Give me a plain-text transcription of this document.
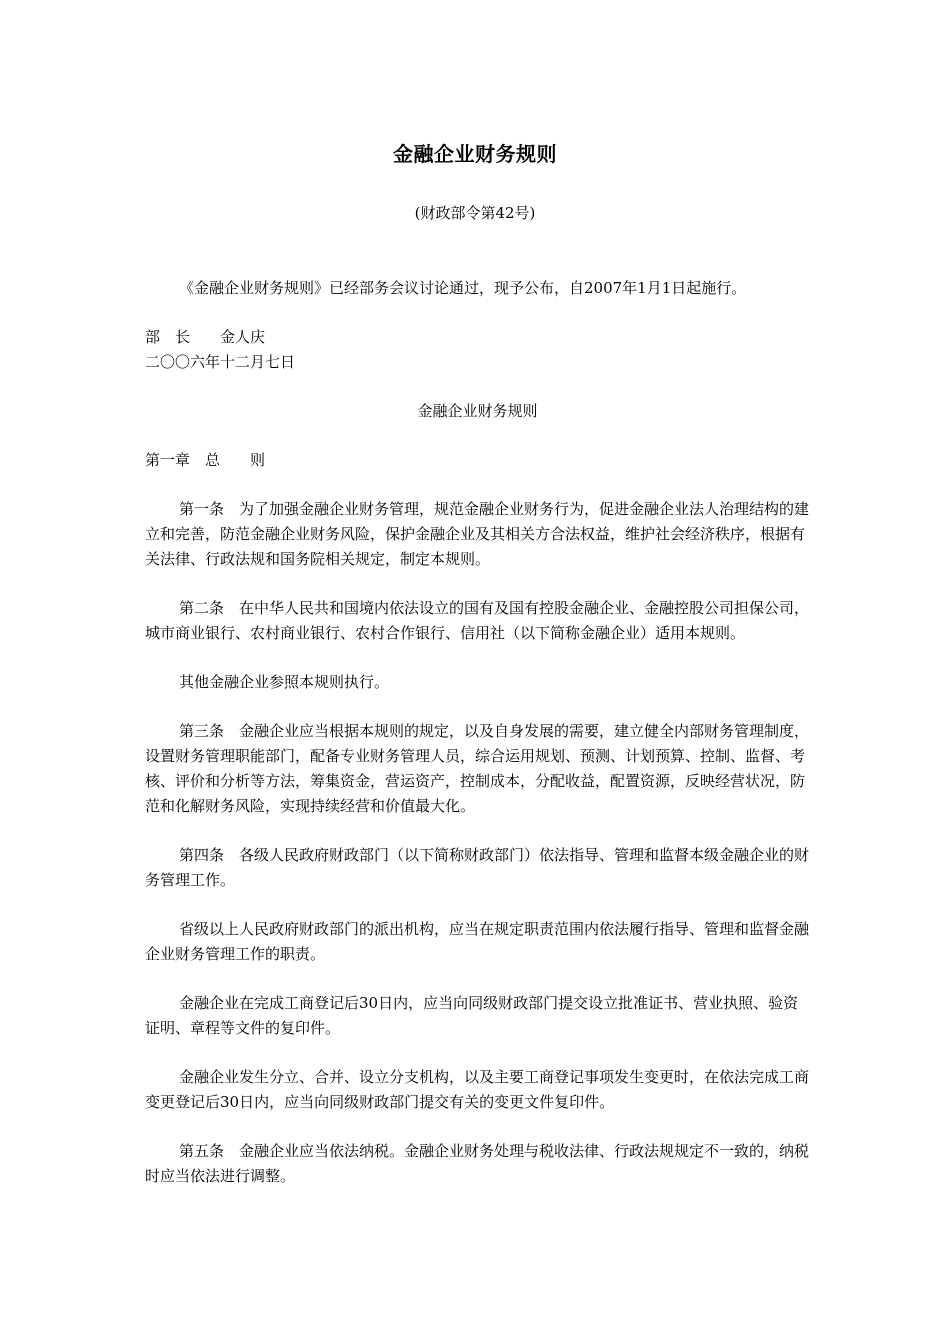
金融企业财务规则
(财政部令第42号)

《金融企业财务规则》已经部务会议讨论通过，现予公布，自2007年1月1日起施行。

部　长　　金人庆

二〇〇六年十二月七日

金融企业财务规则

第一章　总　　则

第一条　为了加强金融企业财务管理，规范金融企业财务行为，促进金融企业法人治理结构的建立和完善，防范金融企业财务风险，保护金融企业及其相关方合法权益，维护社会经济秩序，根据有关法律、行政法规和国务院相关规定，制定本规则。

第二条　在中华人民共和国境内依法设立的国有及国有控股金融企业、金融控股公司担保公司，城市商业银行、农村商业银行、农村合作银行、信用社（以下简称金融企业）适用本规则。

其他金融企业参照本规则执行。

第三条　金融企业应当根据本规则的规定，以及自身发展的需要，建立健全内部财务管理制度，设置财务管理职能部门，配备专业财务管理人员，综合运用规划、预测、计划预算、控制、监督、考核、评价和分析等方法，筹集资金，营运资产，控制成本，分配收益，配置资源，反映经营状况，防范和化解财务风险，实现持续经营和价值最大化。

第四条　各级人民政府财政部门（以下简称财政部门）依法指导、管理和监督本级金融企业的财务管理工作。

省级以上人民政府财政部门的派出机构，应当在规定职责范围内依法履行指导、管理和监督金融企业财务管理工作的职责。

金融企业在完成工商登记后30日内，应当向同级财政部门提交设立批准证书、营业执照、验资证明、章程等文件的复印件。

金融企业发生分立、合并、设立分支机构，以及主要工商登记事项发生变更时，在依法完成工商变更登记后30日内，应当向同级财政部门提交有关的变更文件复印件。

第五条　金融企业应当依法纳税。金融企业财务处理与税收法律、行政法规规定不一致的，纳税时应当依法进行调整。
